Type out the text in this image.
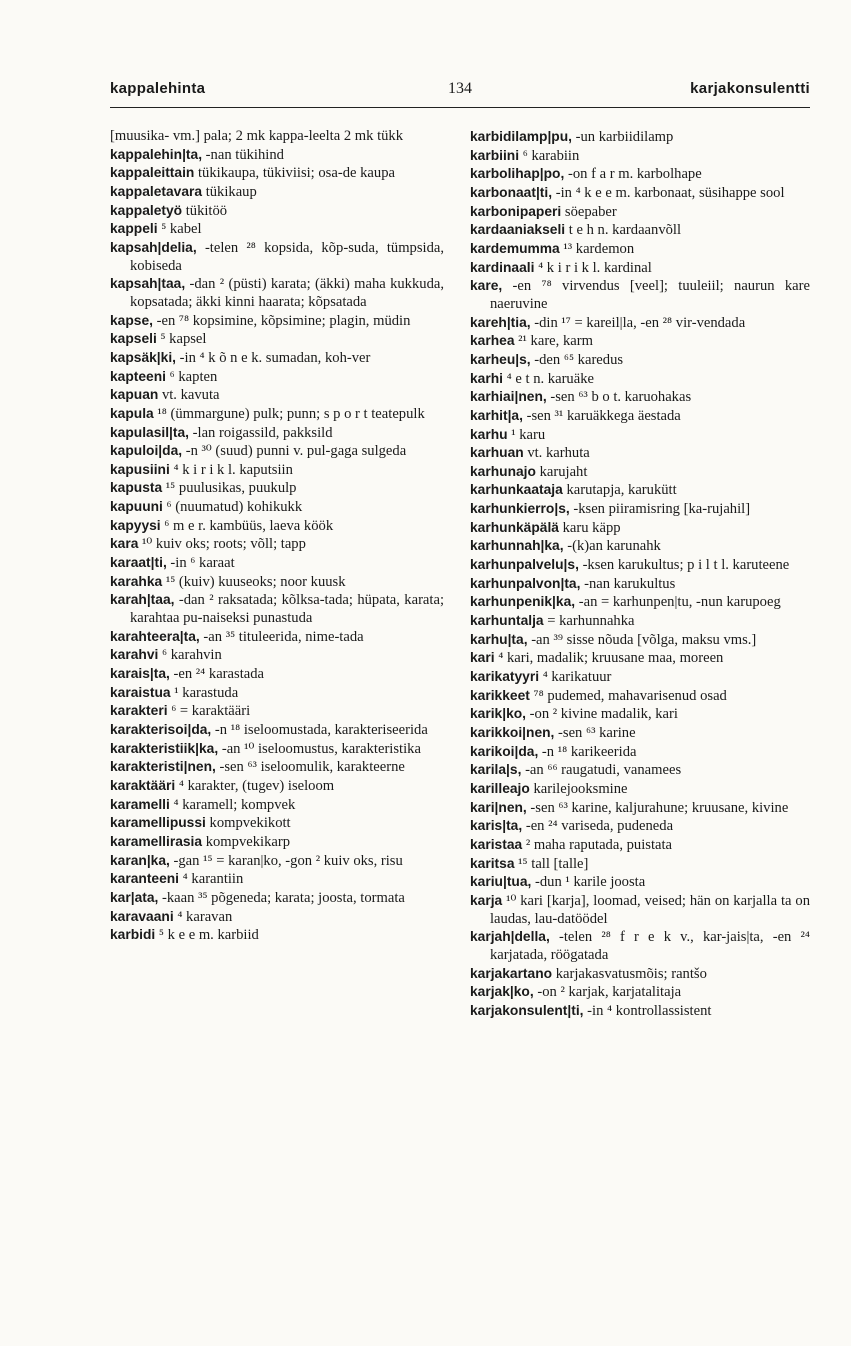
kappalehinta	134	karjakonsulentti
[muusika- vm.] pala; 2 mk kappa-leelta 2 mk tükk
kappalehin|ta, -nan tükihind
kappaleittain tükikaupa, tükiviisi; osa-de kaupa
kappaletavara tükikaup
kappaletyö tükitöö
kappeli ⁵ kabel
kapsah|delia, -telen ²⁸ kopsida, kõp-suda, tümpsida, kobiseda
kapsah|taa, -dan ² (püsti) karata; (äkki) maha kukkuda, kopsatada; äkki kinni haarata; kõpsatada
kapse, -en ⁷⁸ kopsimine, kõpsimine; plagin, müdin
kapseli ⁵ kapsel
kapsäk|ki, -in ⁴ k õ n e k. sumadan, koh-ver
kapteeni ⁶ kapten
kapuan vt. kavuta
kapula ¹⁸ (ümmargune) pulk; punn; s p o r t teatepulk
kapulasil|ta, -lan roigassild, pakksild
kapuloi|da, -n ³⁰ (suud) punni v. pul-gaga sulgeda
kapusiini ⁴ k i r i k l. kaputsiin
kapusta ¹⁵ puulusikas, puukulp
kapuuni ⁶ (nuumatud) kohikukk
kapyysi ⁶ m e r. kambüüs, laeva köök
kara ¹⁰ kuiv oks; roots; võll; tapp
karaat|ti, -in ⁶ karaat
karahka ¹⁵ (kuiv) kuuseoks; noor kuusk
karah|taa, -dan ² raksatada; kõlksa-tada; hüpata, karata; karahtaa pu-naiseksi punastuda
karahteera|ta, -an ³⁵ tituleerida, nime-tada
karahvi ⁶ karahvin
karais|ta, -en ²⁴ karastada
karaistua ¹ karastuda
karakteri ⁶ = karaktääri
karakterisoi|da, -n ¹⁸ iseloomustada, karakteriseerida
karakteristiik|ka, -an ¹⁰ iseloomustus, karakteristika
karakteristi|nen, -sen ⁶³ iseloomulik, karakteerne
karaktääri ⁴ karakter, (tugev) iseloom
karamelli ⁴ karamell; kompvek
karamellipussi kompvekikott
karamellirasia kompvekikarp
karan|ka, -gan ¹⁵ = karan|ko, -gon ² kuiv oks, risu
karanteeni ⁴ karantiin
kar|ata, -kaan ³⁵ põgeneda; karata; joosta, tormata
karavaani ⁴ karavan
karbidi ⁵ k e e m. karbiid
karbidilamp|pu, -un karbiidilamp
karbiini ⁶ karabiin
karbolihap|po, -on f a r m. karbolhape
karbonaat|ti, -in ⁴ k e e m. karbonaat, süsihappe sool
karbonipaperi söepaber
kardaaniakseli t e h n. kardaanvõll
kardemumma ¹³ kardemon
kardinaali ⁴ k i r i k l. kardinal
kare, -en ⁷⁸ virvendus [veel]; tuuleiil; naurun kare naeruvine
kareh|tia, -din ¹⁷ = kareil|la, -en ²⁸ vir-vendada
karhea ²¹ kare, karm
karheu|s, -den ⁶⁵ karedus
karhi ⁴ e t n. karuäke
karhiai|nen, -sen ⁶³ b o t. karuohakas
karhit|a, -sen ³¹ karuäkkega äestada
karhu ¹ karu
karhuan vt. karhuta
karhunajo karujaht
karhunkaataja karutapja, karukütt
karhunkierro|s, -ksen piiramisring [ka-rujahil]
karhunkäpälä karu käpp
karhunnah|ka, -(k)an karunahk
karhunpalvelu|s, -ksen karukultus; p i l t l. karuteene
karhunpalvon|ta, -nan karukultus
karhunpenik|ka, -an = karhunpen|tu, -nun karupoeg
karhuntalja = karhunnahka
karhu|ta, -an ³⁹ sisse nõuda [võlga, maksu vms.]
kari ⁴ kari, madalik; kruusane maa, moreen
karikatyyri ⁴ karikatuur
karikkeet ⁷⁸ pudemed, mahavarisenud osad
karik|ko, -on ² kivine madalik, kari
karikkoi|nen, -sen ⁶³ karine
karikoi|da, -n ¹⁸ karikeerida
karila|s, -an ⁶⁶ raugatudi, vanamees
karilleajo karilejooksmine
kari|nen, -sen ⁶³ karine, kaljurahune; kruusane, kivine
karis|ta, -en ²⁴ variseda, pudeneda
karistaa ² maha raputada, puistata
karitsa ¹⁵ tall [talle]
kariu|tua, -dun ¹ karile joosta
karja ¹⁰ kari [karja], loomad, veised; hän on karjalla ta on laudas, lau-datöödel
karjah|della, -telen ²⁸ f r e k v., kar-jais|ta, -en ²⁴ karjatada, röögatada
karjakartano karjakasvatusmõis; rantšo
karjak|ko, -on ² karjak, karjatalitaja
karjakonsulent|ti, -in ⁴ kontrollassistent
